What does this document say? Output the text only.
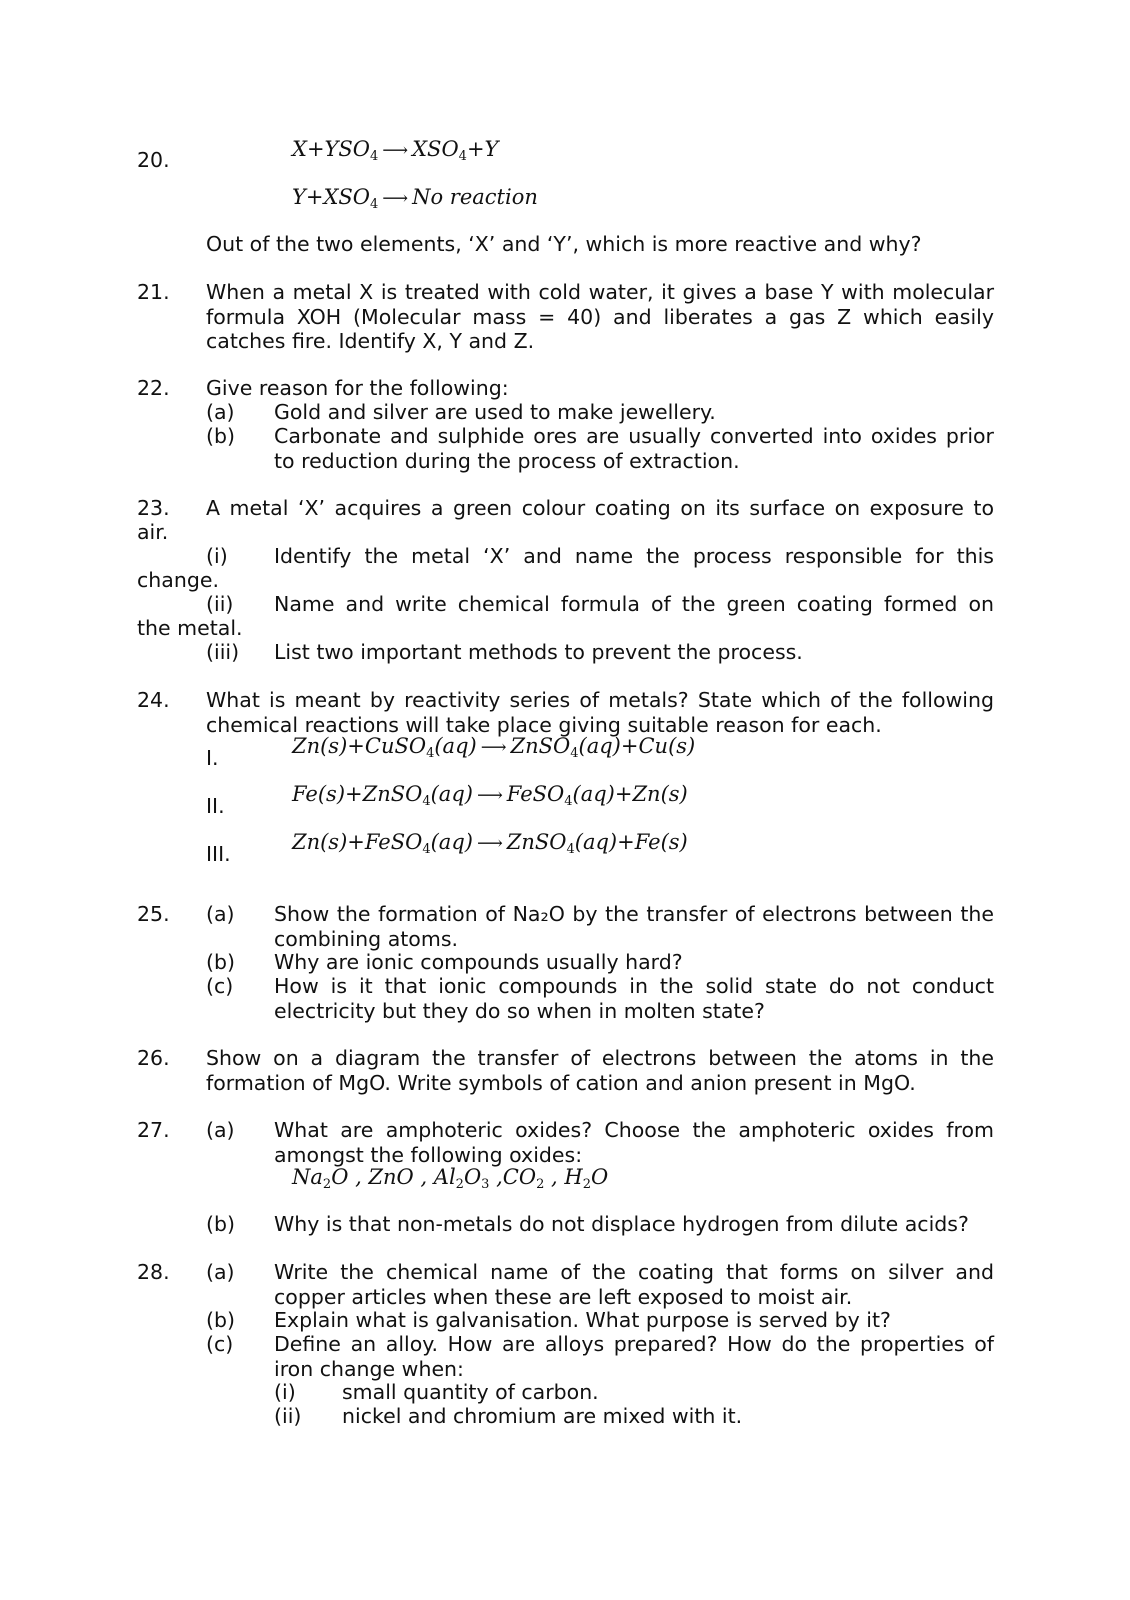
20.	$X+YSO_4$ ⟶ $XSO_4+Y$
$Y+XSO_4$ ⟶ No reaction
Out of the two elements, ‘X’ and ‘Y’, which is more reactive and why?
21. When a metal X is treated with cold water, it gives a base Y with molecular formula XOH (Molecular mass = 40) and liberates a gas Z which easily catches fire. Identify X, Y and Z.
22. Give reason for the following:
(a) Gold and silver are used to make jewellery.
(b) Carbonate and sulphide ores are usually converted into oxides prior to reduction during the process of extraction.
23. A metal ‘X’ acquires a green colour coating on its surface on exposure to
air.
(i) Identify the metal ‘X’ and name the process responsible for this
change.
(ii) Name and write chemical formula of the green coating formed on
the metal.
(iii) List two important methods to prevent the process.
24. What is meant by reactivity series of metals? State which of the following chemical reactions will take place giving suitable reason for each.
I.	Zn(s)+CuSO$_4$(aq) ⟶ ZnSO$_4$(aq)+Cu(s)
II.	Fe(s)+ZnSO$_4$(aq) ⟶ FeSO$_4$(aq)+Zn(s)
III.	Zn(s)+FeSO$_4$(aq) ⟶ ZnSO$_4$(aq)+Fe(s)
25. (a) Show the formation of Na₂O by the transfer of electrons between the combining atoms.
(b) Why are ionic compounds usually hard?
(c) How is it that ionic compounds in the solid state do not conduct electricity but they do so when in molten state?
26. Show on a diagram the transfer of electrons between the atoms in the formation of MgO. Write symbols of cation and anion present in MgO.
27. (a) What are amphoteric oxides? Choose the amphoteric oxides from amongst the following oxides:
$Na_2O$ , ZnO , $Al_2O_3$ $,CO_2$ , $H_2O$
(b) Why is that non-metals do not displace hydrogen from dilute acids?
28. (a) Write the chemical name of the coating that forms on silver and copper articles when these are left exposed to moist air.
(b) Explain what is galvanisation. What purpose is served by it?
(c) Define an alloy. How are alloys prepared? How do the properties of iron change when:
(i) small quantity of carbon.
(ii) nickel and chromium are mixed with it.
